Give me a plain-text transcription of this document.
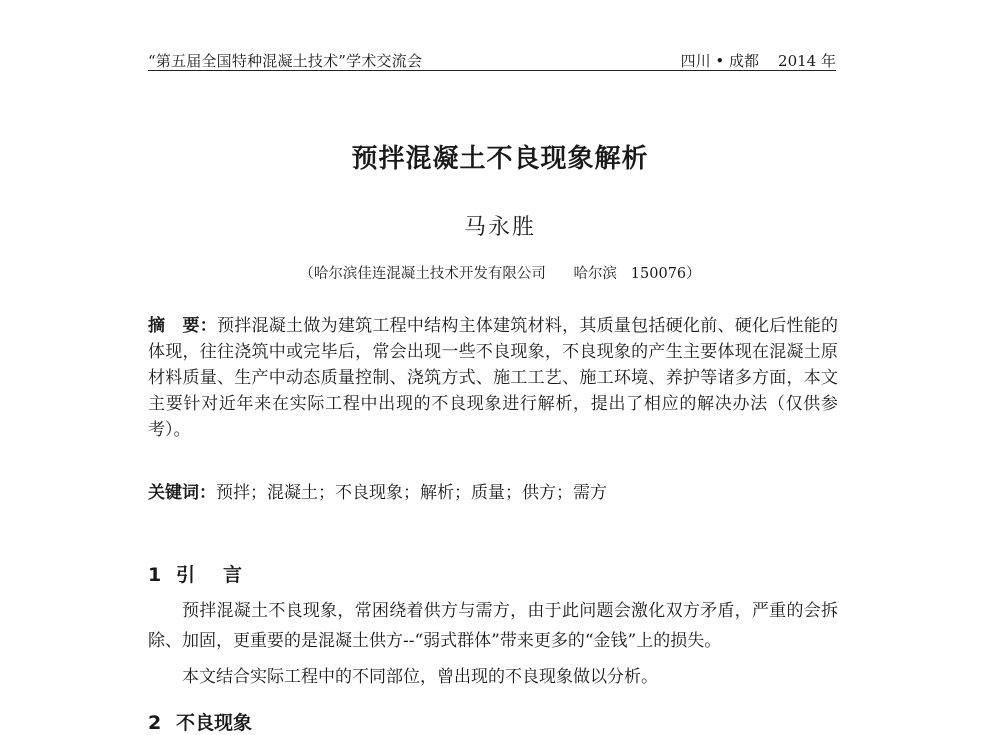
“第五届全国特种混凝土技术”学术交流会	四川 • 成都    2014 年
预拌混凝土不良现象解析
马永胜
（哈尔滨佳连混凝土技术开发有限公司      哈尔滨   150076）
摘　要：预拌混凝土做为建筑工程中结构主体建筑材料，其质量包括硬化前、硬化后性能的体现，往往浇筑中或完毕后，常会出现一些不良现象，不良现象的产生主要体现在混凝土原材料质量、生产中动态质量控制、浇筑方式、施工工艺、施工环境、养护等诸多方面，本文主要针对近年来在实际工程中出现的不良现象进行解析，提出了相应的解决办法（仅供参考）。
关键词：预拌；混凝土；不良现象；解析；质量；供方；需方
1 引言
预拌混凝土不良现象，常困绕着供方与需方，由于此问题会激化双方矛盾，严重的会拆除、加固，更重要的是混凝土供方--“弱式群体”带来更多的“金钱”上的损失。
本文结合实际工程中的不同部位，曾出现的不良现象做以分析。
2 不良现象
